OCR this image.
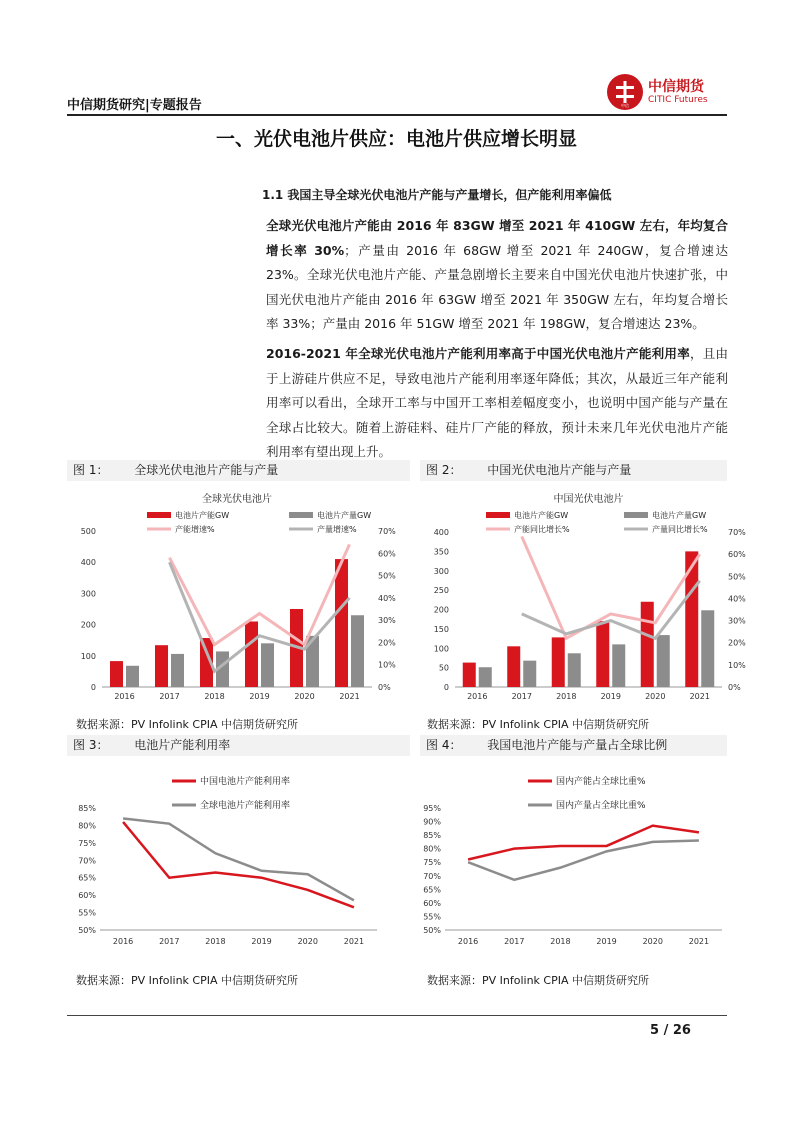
中信
中信期货
CITIC Futures
中信期货研究|专题报告
一、光伏电池片供应：电池片供应增长明显
1.1 我国主导全球光伏电池片产能与产量增长，但产能利用率偏低
全球光伏电池片产能由 2016 年 83GW 增至 2021 年 410GW 左右，年均复合增长率 30%；产量由 2016 年 68GW 增至 2021 年 240GW，复合增速达 23%。全球光伏电池片产能、产量急剧增长主要来自中国光伏电池片快速扩张，中国光伏电池片产能由 2016 年 63GW 增至 2021 年 350GW 左右，年均复合增长率 33%；产量由 2016 年 51GW 增至 2021 年 198GW，复合增速达 23%。
2016-2021 年全球光伏电池片产能利用率高于中国光伏电池片产能利用率，且由于上游硅片供应不足，导致电池片产能利用率逐年降低；其次，从最近三年产能利用率可以看出，全球开工率与中国开工率相差幅度变小，也说明中国产能与产量在全球占比较大。随着上游硅料、硅片厂产能的释放，预计未来几年光伏电池片产能利用率有望出现上升。
图 1： 全球光伏电池片产能与产量	图 2： 中国光伏电池片产能与产量
图 3： 电池片产能利用率	图 4： 我国电池片产能与产量占全球比例
全球光伏电池片
0
100
200
300
400
500
0%
10%
20%
30%
40%
50%
60%
70%
2016	2017	2018	2019	2020	2021
电池片产能GW	电池片产量GW
产能增速%	产量增速%
中国光伏电池片
0
50
100
150
200
250
300
350
400
0%
10%
20%
30%
40%
50%
60%
70%
2016	2017	2018	2019	2020	2021
电池片产能GW	电池片产量GW
产能同比增长%	产量同比增长%
50%
55%
60%
65%
70%
75%
80%
85%
2016	2017	2018	2019	2020	2021
中国电池片产能利用率
全球电池片产能利用率
50%
55%
60%
65%
70%
75%
80%
85%
90%
95%
2016	2017	2018	2019	2020	2021
国内产能占全球比重%
国内产量占全球比重%
数据来源：PV Infolink CPIA 中信期货研究所	数据来源：PV Infolink CPIA 中信期货研究所
数据来源：PV Infolink CPIA 中信期货研究所	数据来源：PV Infolink CPIA 中信期货研究所
5 / 26
